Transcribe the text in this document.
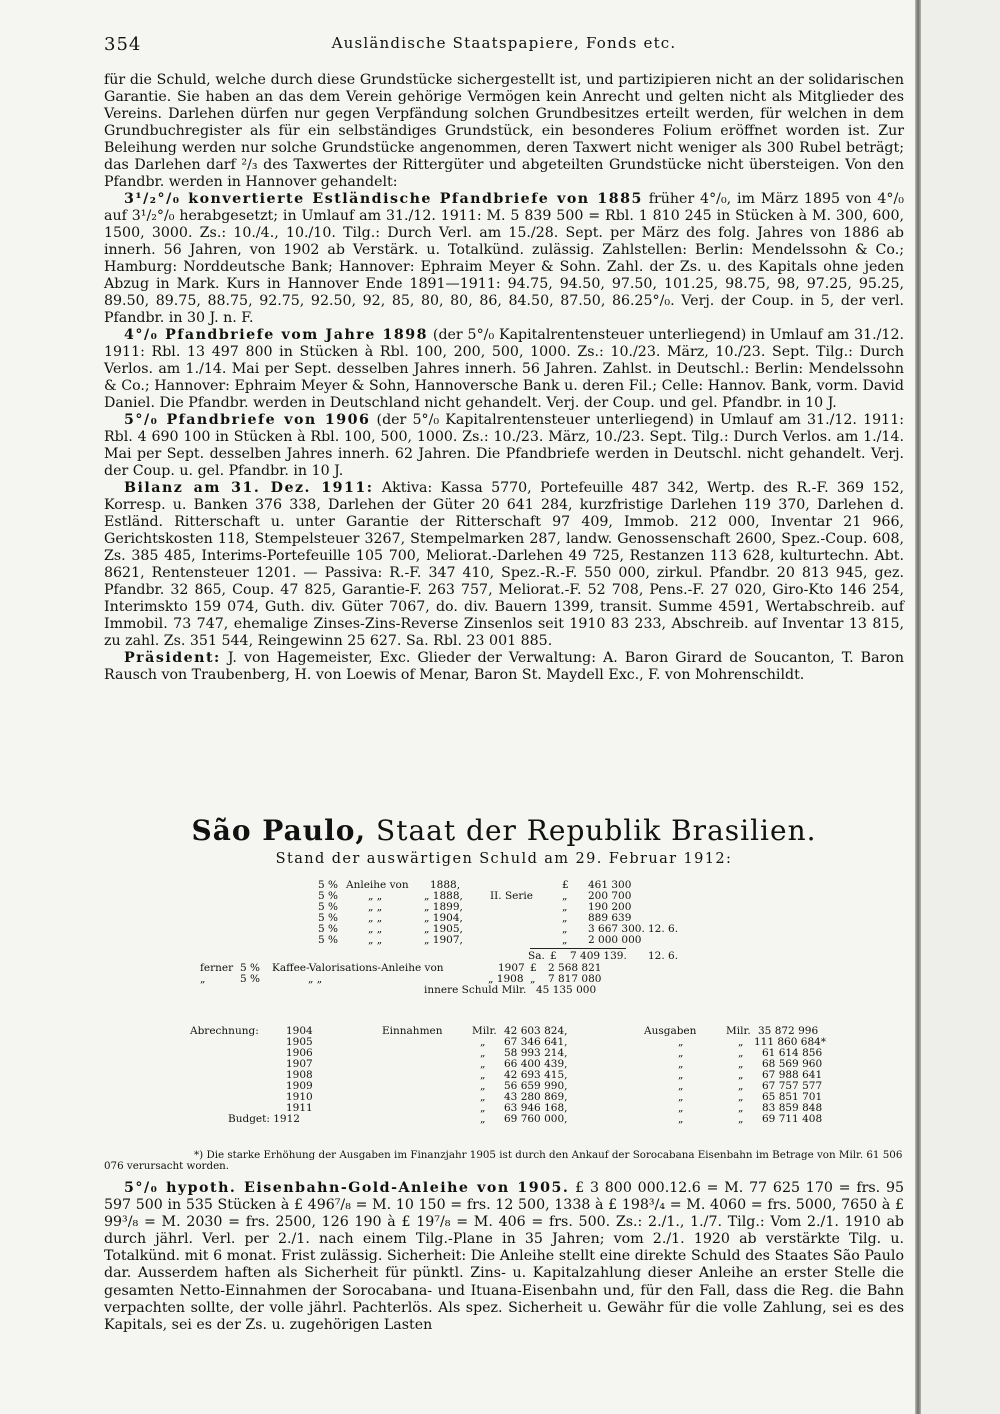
354	Ausländische Staatspapiere, Fonds etc.

für die Schuld, welche durch diese Grundstücke sichergestellt ist, und partizipieren nicht an der solidarischen Garantie. Sie haben an das dem Verein gehörige Vermögen kein Anrecht und gelten nicht als Mitglieder des Vereins. Darlehen dürfen nur gegen Verpfändung solchen Grundbesitzes erteilt werden, für welchen in dem Grundbuchregister als für ein selbständiges Grundstück, ein besonderes Folium eröffnet worden ist. Zur Beleihung werden nur solche Grundstücke angenommen, deren Taxwert nicht weniger als 300 Rubel beträgt; das Darlehen darf ²/₃ des Taxwertes der Rittergüter und abgeteilten Grundstücke nicht übersteigen. Von den Pfandbr. werden in Hannover gehandelt:

3¹/₂°/₀ konvertierte Estländische Pfandbriefe von 1885 früher 4°/₀, im März 1895 von 4°/₀ auf 3¹/₂°/₀ herabgesetzt; in Umlauf am 31./12. 1911: M. 5 839 500 = Rbl. 1 810 245 in Stücken à M. 300, 600, 1500, 3000. Zs.: 10./4., 10./10. Tilg.: Durch Verl. am 15./28. Sept. per März des folg. Jahres von 1886 ab innerh. 56 Jahren, von 1902 ab Verstärk. u. Totalkünd. zulässig. Zahlstellen: Berlin: Mendelssohn & Co.; Hamburg: Norddeutsche Bank; Hannover: Ephraim Meyer & Sohn. Zahl. der Zs. u. des Kapitals ohne jeden Abzug in Mark. Kurs in Hannover Ende 1891—1911: 94.75, 94.50, 97.50, 101.25, 98.75, 98, 97.25, 95.25, 89.50, 89.75, 88.75, 92.75, 92.50, 92, 85, 80, 80, 86, 84.50, 87.50, 86.25°/₀. Verj. der Coup. in 5, der verl. Pfandbr. in 30 J. n. F.

4°/₀ Pfandbriefe vom Jahre 1898 (der 5°/₀ Kapitalrentensteuer unterliegend) in Umlauf am 31./12. 1911: Rbl. 13 497 800 in Stücken à Rbl. 100, 200, 500, 1000. Zs.: 10./23. März, 10./23. Sept. Tilg.: Durch Verlos. am 1./14. Mai per Sept. desselben Jahres innerh. 56 Jahren. Zahlst. in Deutschl.: Berlin: Mendelssohn & Co.; Hannover: Ephraim Meyer & Sohn, Hannoversche Bank u. deren Fil.; Celle: Hannov. Bank, vorm. David Daniel. Die Pfandbr. werden in Deutschland nicht gehandelt. Verj. der Coup. und gel. Pfandbr. in 10 J.

5°/₀ Pfandbriefe von 1906 (der 5°/₀ Kapitalrentensteuer unterliegend) in Umlauf am 31./12. 1911: Rbl. 4 690 100 in Stücken à Rbl. 100, 500, 1000. Zs.: 10./23. März, 10./23. Sept. Tilg.: Durch Verlos. am 1./14. Mai per Sept. desselben Jahres innerh. 62 Jahren. Die Pfandbriefe werden in Deutschl. nicht gehandelt. Verj. der Coup. u. gel. Pfandbr. in 10 J.

Bilanz am 31. Dez. 1911: Aktiva: Kassa 5770, Portefeuille 487 342, Wertp. des R.-F. 369 152, Korresp. u. Banken 376 338, Darlehen der Güter 20 641 284, kurzfristige Darlehen 119 370, Darlehen d. Estländ. Ritterschaft u. unter Garantie der Ritterschaft 97 409, Immob. 212 000, Inventar 21 966, Gerichtskosten 118, Stempelsteuer 3267, Stempelmarken 287, landw. Genossenschaft 2600, Spez.-Coup. 608, Zs. 385 485, Interims-Portefeuille 105 700, Meliorat.-Darlehen 49 725, Restanzen 113 628, kulturtechn. Abt. 8621, Rentensteuer 1201. — Passiva: R.-F. 347 410, Spez.-R.-F. 550 000, zirkul. Pfandbr. 20 813 945, gez. Pfandbr. 32 865, Coup. 47 825, Garantie-F. 263 757, Meliorat.-F. 52 708, Pens.-F. 27 020, Giro-Kto 146 254, Interimskto 159 074, Guth. div. Güter 7067, do. div. Bauern 1399, transit. Summe 4591, Wertabschreib. auf Immobil. 73 747, ehemalige Zinses-Zins-Reverse Zinsenlos seit 1910 83 233, Abschreib. auf Inventar 13 815, zu zahl. Zs. 351 544, Reingewinn 25 627. Sa. Rbl. 23 001 885.

Präsident: J. von Hagemeister, Exc. Glieder der Verwaltung: A. Baron Girard de Soucanton, T. Baron Rausch von Traubenberg, H. von Loewis of Menar, Baron St. Maydell Exc., F. von Mohrenschildt.

São Paulo, Staat der Republik Brasilien.
Stand der auswärtigen Schuld am 29. Februar 1912:
5 % Anleihe von 1888,	£ 461 300
5 %	„ „	„ 1888,	II. Serie	„ 200 700
5 %	„ „	„ 1899,	„ 190 200
5 %	„ „	„ 1904,	„ 889 639
5 %	„ „	„ 1905,	„ 3 667 300. 12. 6.
5 %	„ „	„ 1907,	„ 2 000 000
Sa. £ 7 409 139. 12. 6.
ferner 5 % Kaffee-Valorisations-Anleihe von	1907 £ 2 568 821
„	5 %	„ „	„ 1908 „ 7 817 080
innere Schuld Milr. 45 135 000
Abrechnung:	1904	Einnahmen	Milr. 42 603 824,	Ausgaben	Milr. 35 872 996
1905	„ 67 346 641,	„	„ 111 860 684*
1906	„ 58 993 214,	„	„ 61 614 856
1907	„ 66 400 439,	„	„ 68 569 960
1908	„ 42 693 415,	„	„ 67 988 641
1909	„ 56 659 990,	„	„ 67 757 577
1910	„ 43 280 869,	„	„ 65 851 701
1911	„ 63 946 168,	„	„ 83 859 848
Budget: 1912	„ 69 760 000,	„	„ 69 711 408
*) Die starke Erhöhung der Ausgaben im Finanzjahr 1905 ist durch den Ankauf der Sorocabana Eisenbahn im Betrage von Milr. 61 506 076 verursacht worden.

5°/₀ hypoth. Eisenbahn-Gold-Anleihe von 1905. £ 3 800 000.12.6 = M. 77 625 170 = frs. 95 597 500 in 535 Stücken à £ 496⁷/₈ = M. 10 150 = frs. 12 500, 1338 à £ 198³/₄ = M. 4060 = frs. 5000, 7650 à £ 99³/₈ = M. 2030 = frs. 2500, 126 190 à £ 19⁷/₈ = M. 406 = frs. 500. Zs.: 2./1., 1./7. Tilg.: Vom 2./1. 1910 ab durch jährl. Verl. per 2./1. nach einem Tilg.-Plane in 35 Jahren; vom 2./1. 1920 ab verstärkte Tilg. u. Totalkünd. mit 6 monat. Frist zulässig. Sicherheit: Die Anleihe stellt eine direkte Schuld des Staates São Paulo dar. Ausserdem haften als Sicherheit für pünktl. Zins- u. Kapitalzahlung dieser Anleihe an erster Stelle die gesamten Netto-Einnahmen der Sorocabana- und Ituana-Eisenbahn und, für den Fall, dass die Reg. die Bahn verpachten sollte, der volle jährl. Pachterlös. Als spez. Sicherheit u. Gewähr für die volle Zahlung, sei es des Kapitals, sei es der Zs. u. zugehörigen Lasten
